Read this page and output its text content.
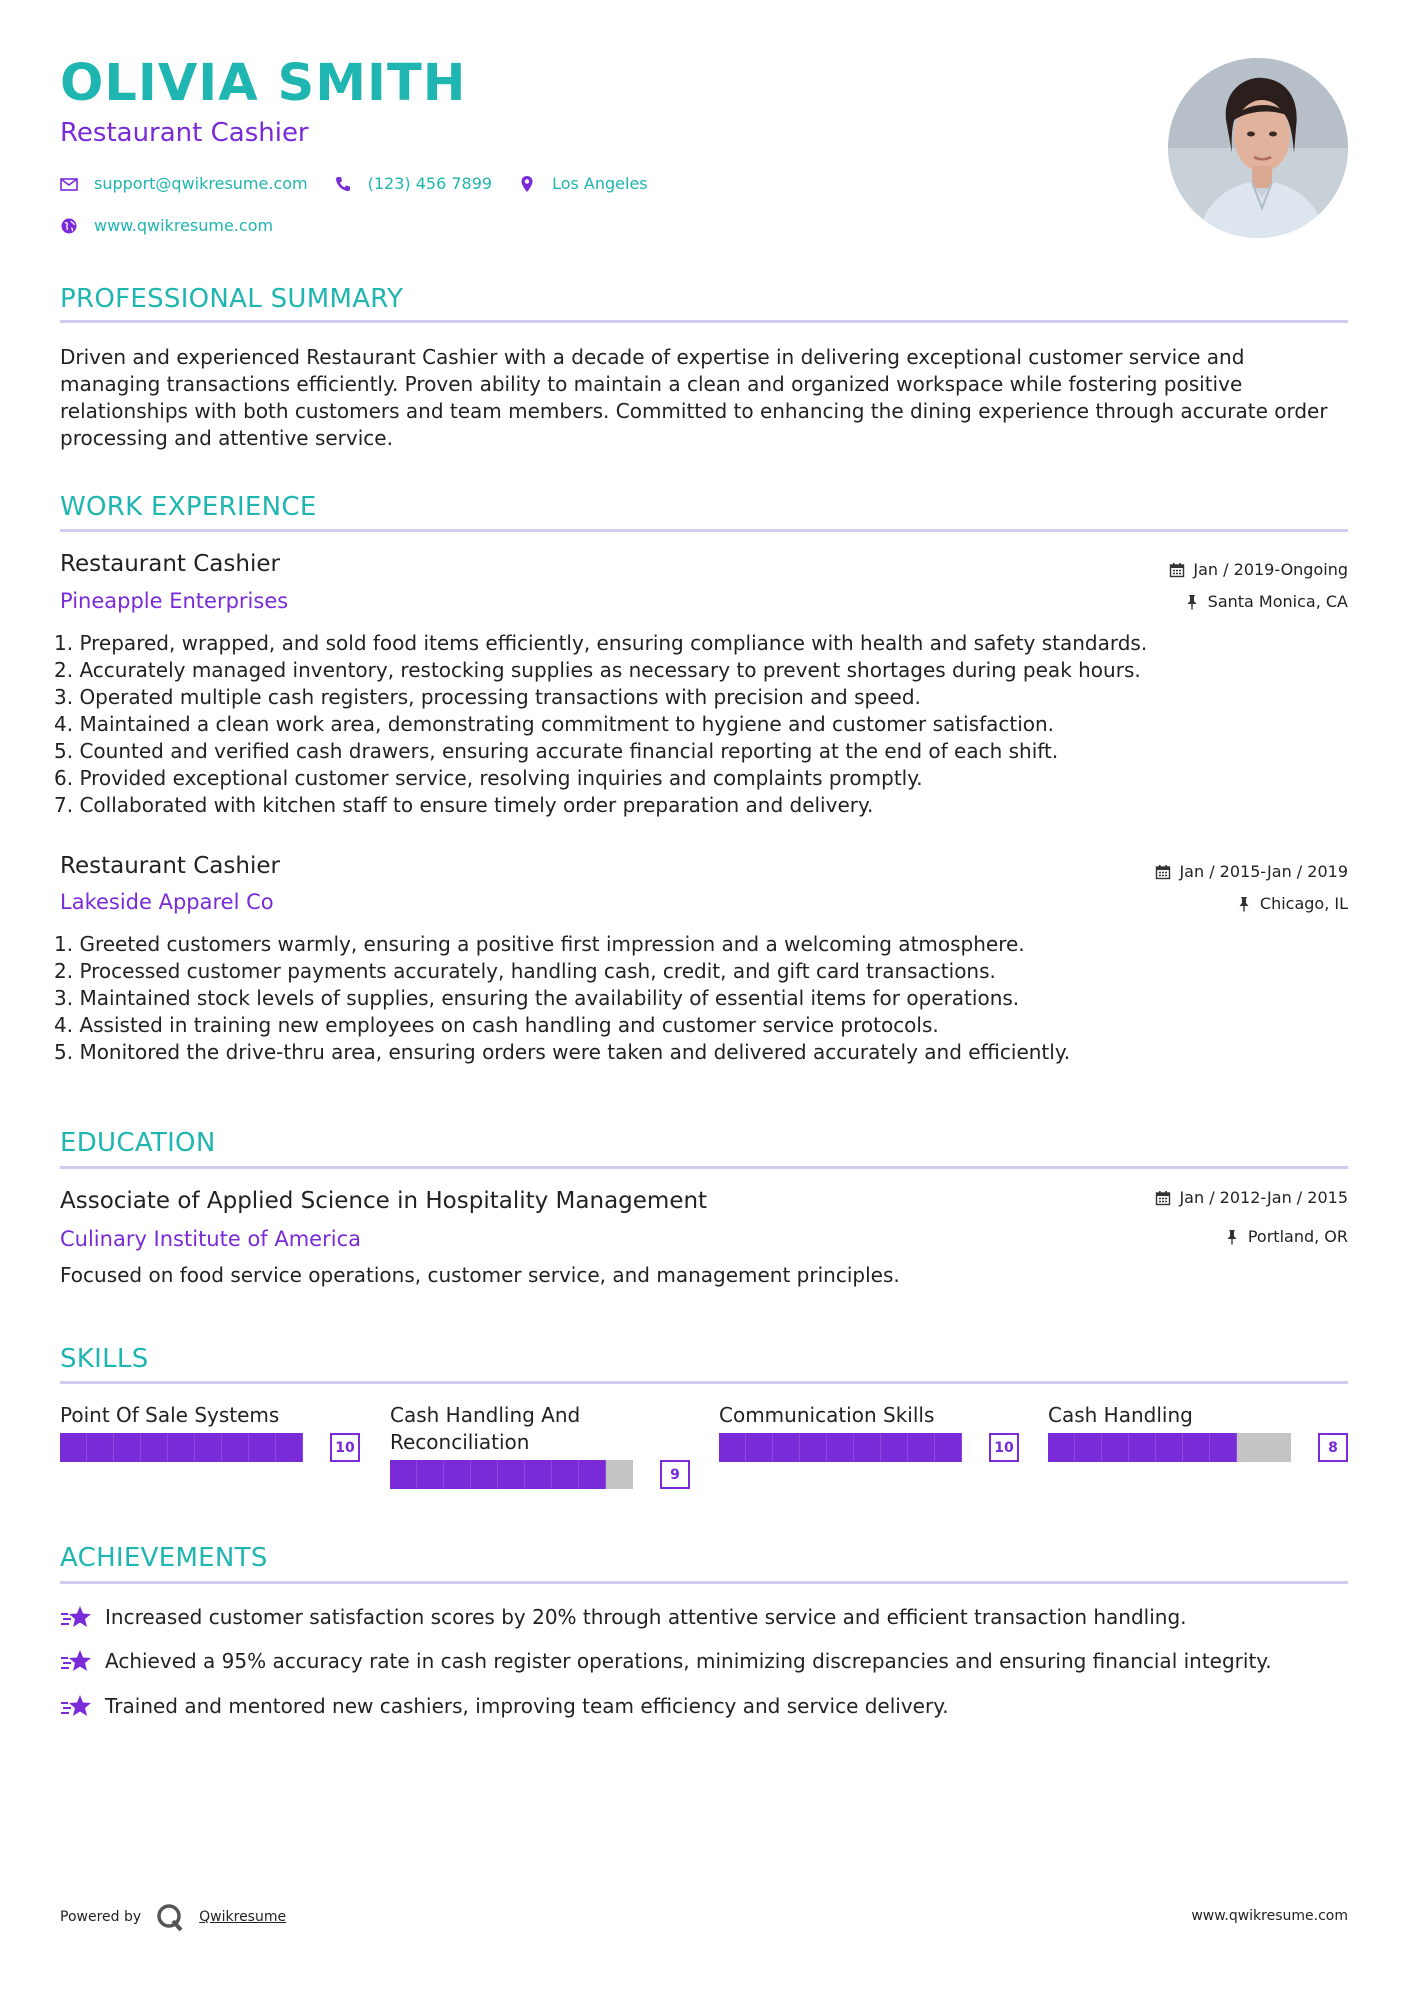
OLIVIA SMITH
Restaurant Cashier
support@qwikresume.com	(123) 456 7899	Los Angeles
www.qwikresume.com
PROFESSIONAL SUMMARY
Driven and experienced Restaurant Cashier with a decade of expertise in delivering exceptional customer service and managing transactions efficiently. Proven ability to maintain a clean and organized workspace while fostering positive relationships with both customers and team members. Committed to enhancing the dining experience through accurate order processing and attentive service.
WORK EXPERIENCE
Restaurant Cashier
Pineapple Enterprises
Jan / 2019-Ongoing
Santa Monica, CA
1. Prepared, wrapped, and sold food items efficiently, ensuring compliance with health and safety standards.
2. Accurately managed inventory, restocking supplies as necessary to prevent shortages during peak hours.
3. Operated multiple cash registers, processing transactions with precision and speed.
4. Maintained a clean work area, demonstrating commitment to hygiene and customer satisfaction.
5. Counted and verified cash drawers, ensuring accurate financial reporting at the end of each shift.
6. Provided exceptional customer service, resolving inquiries and complaints promptly.
7. Collaborated with kitchen staff to ensure timely order preparation and delivery.
Restaurant Cashier
Lakeside Apparel Co
Jan / 2015-Jan / 2019
Chicago, IL
1. Greeted customers warmly, ensuring a positive first impression and a welcoming atmosphere.
2. Processed customer payments accurately, handling cash, credit, and gift card transactions.
3. Maintained stock levels of supplies, ensuring the availability of essential items for operations.
4. Assisted in training new employees on cash handling and customer service protocols.
5. Monitored the drive-thru area, ensuring orders were taken and delivered accurately and efficiently.
EDUCATION
Associate of Applied Science in Hospitality Management
Culinary Institute of America
Jan / 2012-Jan / 2015
Portland, OR
Focused on food service operations, customer service, and management principles.
SKILLS
Point Of Sale Systems
10
Cash Handling And Reconciliation
9
Communication Skills
10
Cash Handling
8
ACHIEVEMENTS
Increased customer satisfaction scores by 20% through attentive service and efficient transaction handling.
Achieved a 95% accuracy rate in cash register operations, minimizing discrepancies and ensuring financial integrity.
Trained and mentored new cashiers, improving team efficiency and service delivery.
Powered by	Qwikresume	www.qwikresume.com
